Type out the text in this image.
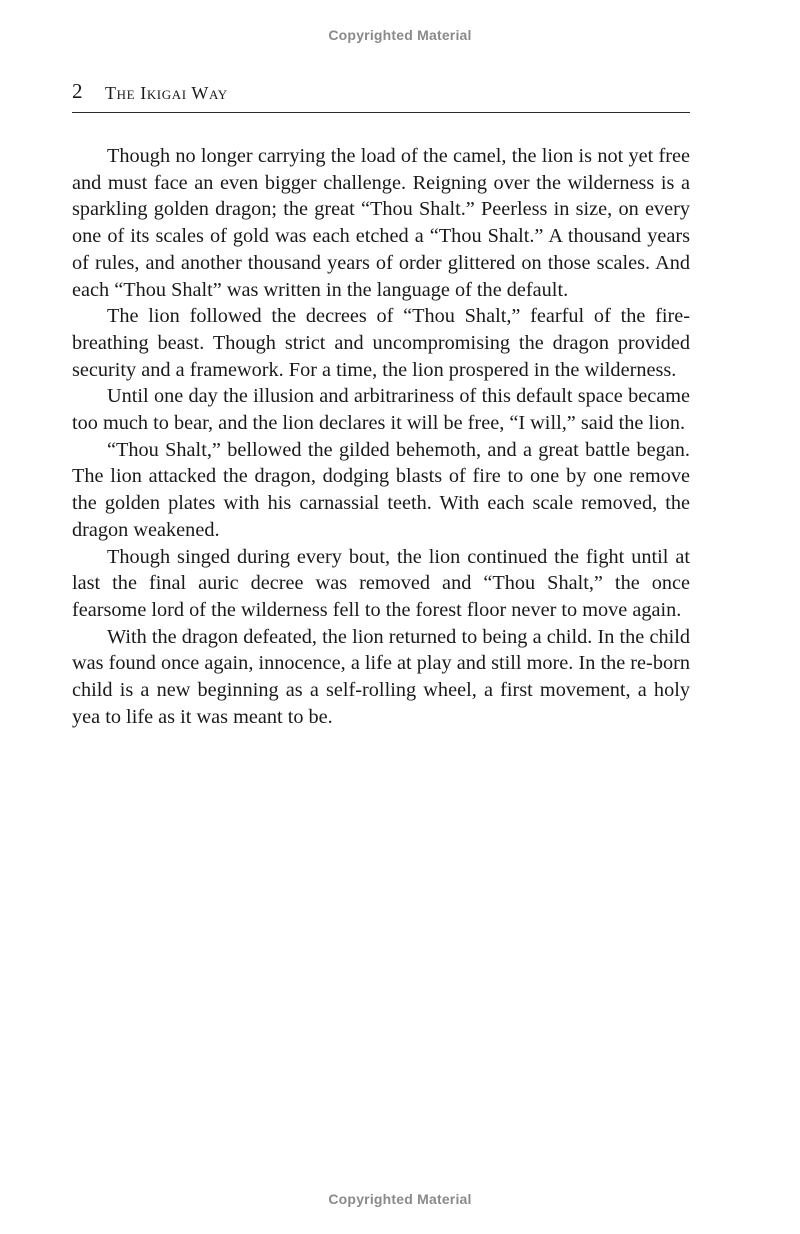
Copyrighted Material
2 The Ikigai Way

Though no longer carrying the load of the camel, the lion is not yet free and must face an even bigger challenge. Reigning over the wilderness is a sparkling golden dragon; the great “Thou Shalt.” Peerless in size, on every one of its scales of gold was each etched a “Thou Shalt.” A thousand years of rules, and another thousand years of order glittered on those scales. And each “Thou Shalt” was written in the language of the default.

The lion followed the decrees of “Thou Shalt,” fearful of the fire-breathing beast. Though strict and uncompromising the dragon provided security and a framework. For a time, the lion prospered in the wilderness.

Until one day the illusion and arbitrariness of this default space became too much to bear, and the lion declares it will be free, “I will,” said the lion.

“Thou Shalt,” bellowed the gilded behemoth, and a great battle began. The lion attacked the dragon, dodging blasts of fire to one by one remove the golden plates with his carnassial teeth. With each scale removed, the dragon weakened.

Though singed during every bout, the lion continued the fight until at last the final auric decree was removed and “Thou Shalt,” the once fearsome lord of the wilderness fell to the forest floor never to move again.

With the dragon defeated, the lion returned to being a child. In the child was found once again, innocence, a life at play and still more. In the re-born child is a new beginning as a self-rolling wheel, a first movement, a holy yea to life as it was meant to be.

Copyrighted Material
